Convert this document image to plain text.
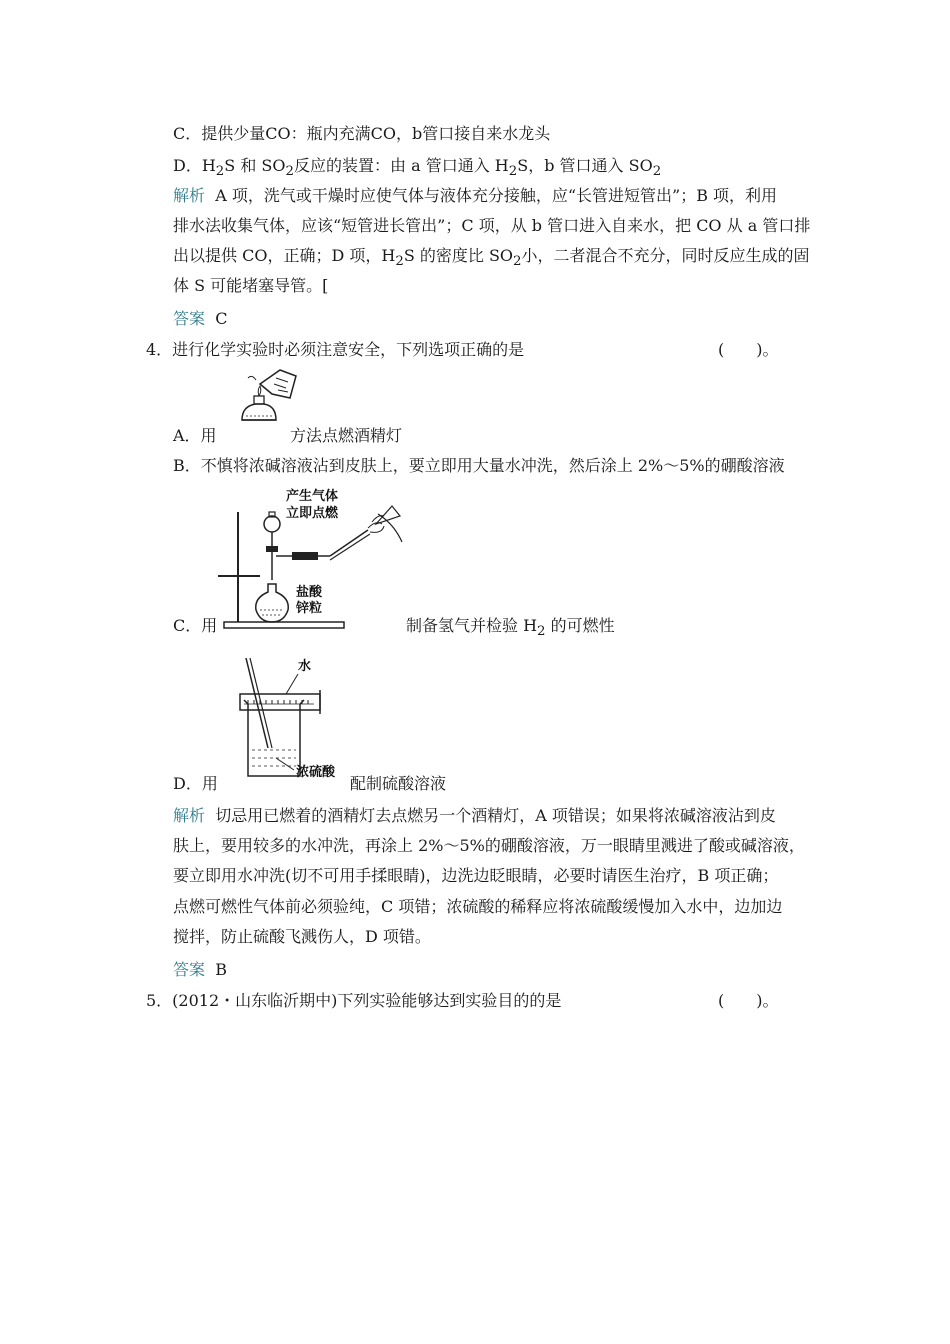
C．提供少量CO：瓶内充满CO，b管口接自来水龙头
D．$H_2S$ 和 $SO_2$反应的装置：由 a 管口通入 $H_2S$，b 管口通入 $SO_2$
解析 A 项，洗气或干燥时应使气体与液体充分接触，应“长管进短管出”；B 项，利用
排水法收集气体，应该“短管进长管出”；C 项，从 b 管口进入自来水，把 CO 从 a 管口排
出以提供 CO，正确；D 项，$H_2S$ 的密度比 $SO_2$小，二者混合不充分，同时反应生成的固
体 S 可能堵塞导管。[
答案 C
4．进行化学实验时必须注意安全，下列选项正确的是	(　　)。
A．用	方法点燃酒精灯
B．不慎将浓碱溶液沾到皮肤上，要立即用大量水冲洗，然后涂上 2%～5%的硼酸溶液
产生气体
立即点燃
盐酸
锌粒
C．用	制备氢气并检验 $H_2$ 的可燃性
水
浓硫酸
D．用	配制硫酸溶液
解析 切忌用已燃着的酒精灯去点燃另一个酒精灯，A 项错误；如果将浓碱溶液沾到皮
肤上，要用较多的水冲洗，再涂上 2%～5%的硼酸溶液，万一眼睛里溅进了酸或碱溶液，
要立即用水冲洗(切不可用手揉眼睛)，边洗边眨眼睛，必要时请医生治疗，B 项正确；
点燃可燃性气体前必须验纯，C 项错；浓硫酸的稀释应将浓硫酸缓慢加入水中，边加边
搅拌，防止硫酸飞溅伤人，D 项错。
答案 B
5．(2012・山东临沂期中)下列实验能够达到实验目的的是	(　　)。
